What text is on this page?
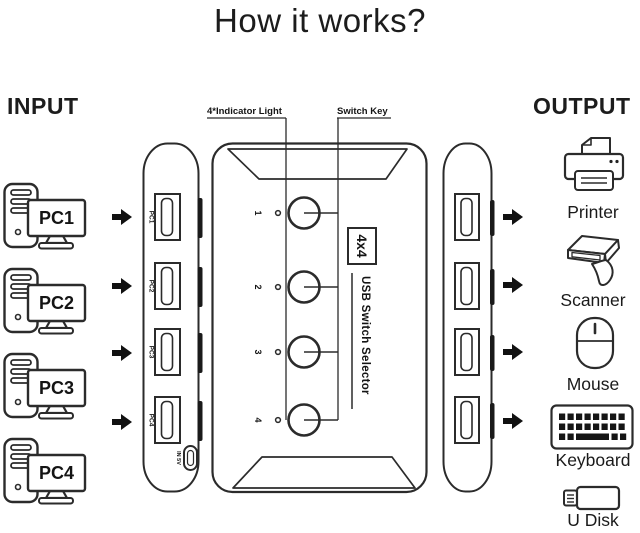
How it works?
INPUT	OUTPUT
PC1
PC2
PC3
PC4
PC1
PC2
PC3
PC4
IN 5V
4*Indicator Light	Switch Key
1
2
3
4
4x4
USB Switch Selector
Printer
Scanner
Mouse
Keyboard
U Disk
